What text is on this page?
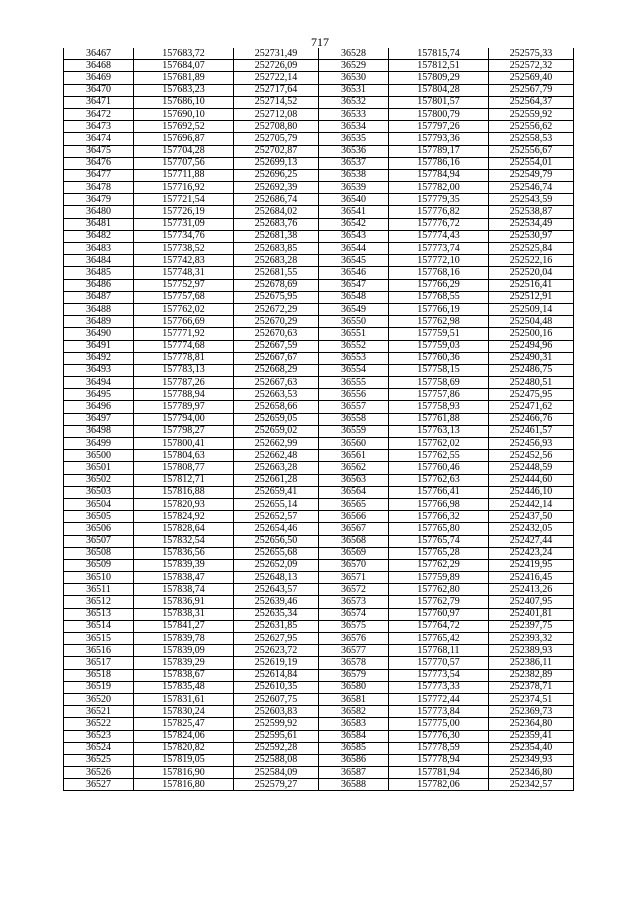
717
36467	157683,72	252731,49	36528	157815,74	252575,33
36468	157684,07	252726,09	36529	157812,51	252572,32
36469	157681,89	252722,14	36530	157809,29	252569,40
36470	157683,23	252717,64	36531	157804,28	252567,79
36471	157686,10	252714,52	36532	157801,57	252564,37
36472	157690,10	252712,08	36533	157800,79	252559,92
36473	157692,52	252708,80	36534	157797,26	252556,62
36474	157696,87	252705,79	36535	157793,36	252558,53
36475	157704,28	252702,87	36536	157789,17	252556,67
36476	157707,56	252699,13	36537	157786,16	252554,01
36477	157711,88	252696,25	36538	157784,94	252549,79
36478	157716,92	252692,39	36539	157782,00	252546,74
36479	157721,54	252686,74	36540	157779,35	252543,59
36480	157726,19	252684,02	36541	157776,82	252538,87
36481	157731,09	252683,76	36542	157776,72	252534,49
36482	157734,76	252681,38	36543	157774,43	252530,97
36483	157738,52	252683,85	36544	157773,74	252525,84
36484	157742,83	252683,28	36545	157772,10	252522,16
36485	157748,31	252681,55	36546	157768,16	252520,04
36486	157752,97	252678,69	36547	157766,29	252516,41
36487	157757,68	252675,95	36548	157768,55	252512,91
36488	157762,02	252672,29	36549	157766,19	252509,14
36489	157766,69	252670,29	36550	157762,98	252504,48
36490	157771,92	252670,63	36551	157759,51	252500,16
36491	157774,68	252667,59	36552	157759,03	252494,96
36492	157778,81	252667,67	36553	157760,36	252490,31
36493	157783,13	252668,29	36554	157758,15	252486,75
36494	157787,26	252667,63	36555	157758,69	252480,51
36495	157788,94	252663,53	36556	157757,86	252475,95
36496	157789,97	252658,66	36557	157758,93	252471,62
36497	157794,00	252659,05	36558	157761,88	252466,76
36498	157798,27	252659,02	36559	157763,13	252461,57
36499	157800,41	252662,99	36560	157762,02	252456,93
36500	157804,63	252662,48	36561	157762,55	252452,56
36501	157808,77	252663,28	36562	157760,46	252448,59
36502	157812,71	252661,28	36563	157762,63	252444,60
36503	157816,88	252659,41	36564	157766,41	252446,10
36504	157820,93	252655,14	36565	157766,98	252442,14
36505	157824,92	252652,57	36566	157766,32	252437,50
36506	157828,64	252654,46	36567	157765,80	252432,05
36507	157832,54	252656,50	36568	157765,74	252427,44
36508	157836,56	252655,68	36569	157765,28	252423,24
36509	157839,39	252652,09	36570	157762,29	252419,95
36510	157838,47	252648,13	36571	157759,89	252416,45
36511	157838,74	252643,57	36572	157762,80	252413,26
36512	157836,91	252639,46	36573	157762,79	252407,95
36513	157838,31	252635,34	36574	157760,97	252401,81
36514	157841,27	252631,85	36575	157764,72	252397,75
36515	157839,78	252627,95	36576	157765,42	252393,32
36516	157839,09	252623,72	36577	157768,11	252389,93
36517	157839,29	252619,19	36578	157770,57	252386,11
36518	157838,67	252614,84	36579	157773,54	252382,89
36519	157835,48	252610,35	36580	157773,33	252378,71
36520	157831,61	252607,75	36581	157772,44	252374,51
36521	157830,24	252603,83	36582	157773,84	252369,73
36522	157825,47	252599,92	36583	157775,00	252364,80
36523	157824,06	252595,61	36584	157776,30	252359,41
36524	157820,82	252592,28	36585	157778,59	252354,40
36525	157819,05	252588,08	36586	157778,94	252349,93
36526	157816,90	252584,09	36587	157781,94	252346,80
36527	157816,80	252579,27	36588	157782,06	252342,57
